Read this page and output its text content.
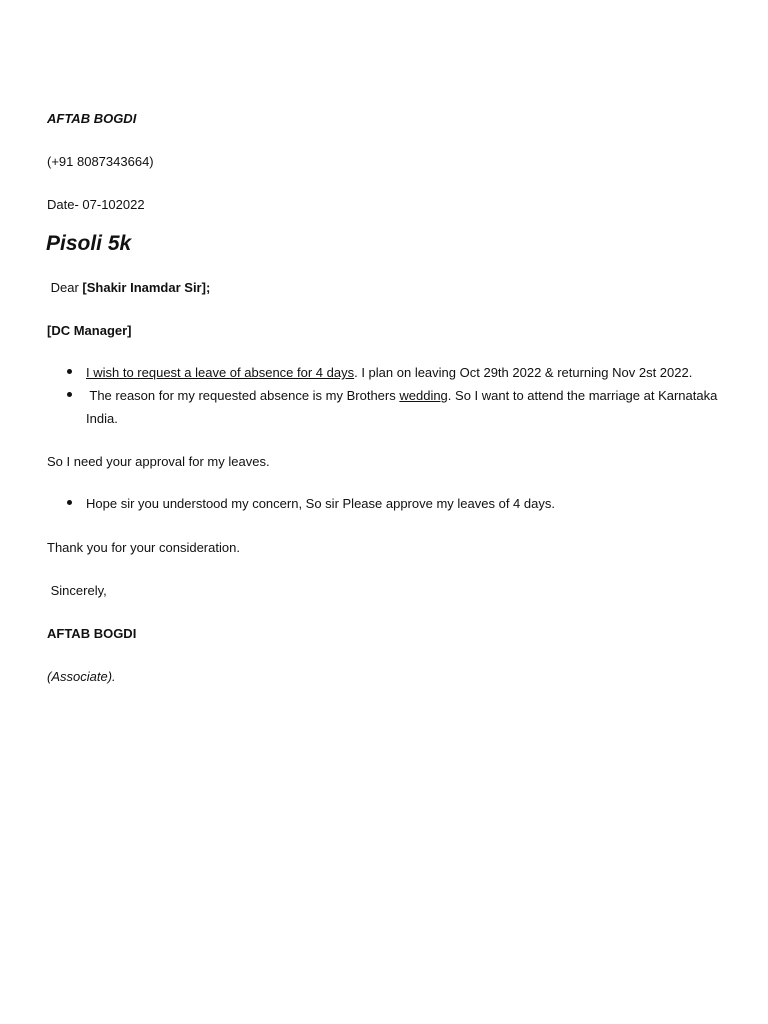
AFTAB BOGDI
(+91 8087343664)
Date- 07-102022
Pisoli 5k
Dear [Shakir Inamdar Sir];
[DC Manager]
I wish to request a leave of absence for 4 days. I plan on leaving Oct 29th 2022 & returning Nov 2st 2022.
The reason for my requested absence is my Brothers wedding. So I want to attend the marriage at Karnataka India.
So I need your approval for my leaves.
Hope sir you understood my concern, So sir Please approve my leaves of 4 days.
Thank you for your consideration.
Sincerely,
AFTAB BOGDI
(Associate).
